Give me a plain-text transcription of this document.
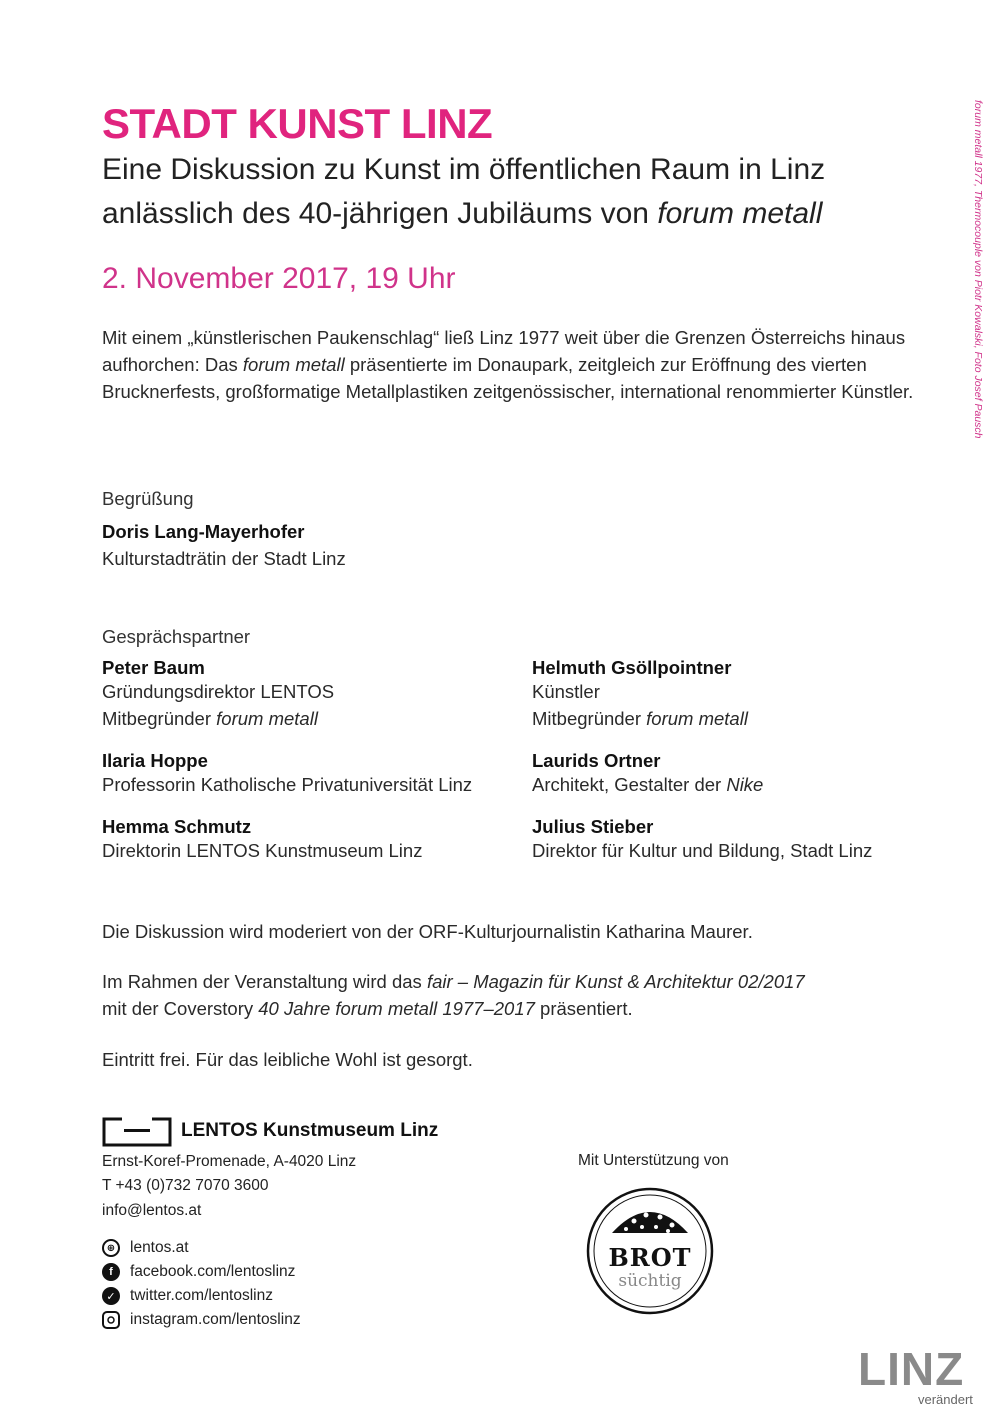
STADT KUNST LINZ
Eine Diskussion zu Kunst im öffentlichen Raum in Linz
anlässlich des 40-jährigen Jubiläums von forum metall
2. November 2017, 19 Uhr	forum metall 1977, Thermocouple von Piotr Kowalski, Foto Josef Pausch
Mit einem „künstlerischen Paukenschlag“ ließ Linz 1977 weit über die Grenzen Österreichs hinaus aufhorchen: Das forum metall präsentierte im Donaupark, zeitgleich zur Eröffnung des vierten Brucknerfests, großformatige Metallplastiken zeitgenössischer, international renommierter Künstler.
Begrüßung
Doris Lang-Mayerhofer
Kulturstadträtin der Stadt Linz
Gesprächspartner
Peter Baum
Gründungsdirektor LENTOS
Mitbegründer forum metall
Ilaria Hoppe
Professorin Katholische Privatuniversität Linz
Hemma Schmutz
Direktorin LENTOS Kunstmuseum Linz
Helmuth Gsöllpointner
Künstler
Mitbegründer forum metall
Laurids Ortner
Architekt, Gestalter der Nike
Julius Stieber
Direktor für Kultur und Bildung, Stadt Linz
Die Diskussion wird moderiert von der ORF-Kulturjournalistin Katharina Maurer.
Im Rahmen der Veranstaltung wird das fair – Magazin für Kunst & Architektur 02/2017
mit der Coverstory 40 Jahre forum metall 1977–2017 präsentiert.
Eintritt frei. Für das leibliche Wohl ist gesorgt.
LENTOS Kunstmuseum Linz
Ernst-Koref-Promenade, A-4020 Linz
T +43 (0)732 7070 3600
info@lentos.at
⊕ lentos.at
f	facebook.com/lentoslinz
✓ twitter.com/lentoslinz
instagram.com/lentoslinz
Mit Unterstützung von
BROT
süchtig
LINZ
verändert
